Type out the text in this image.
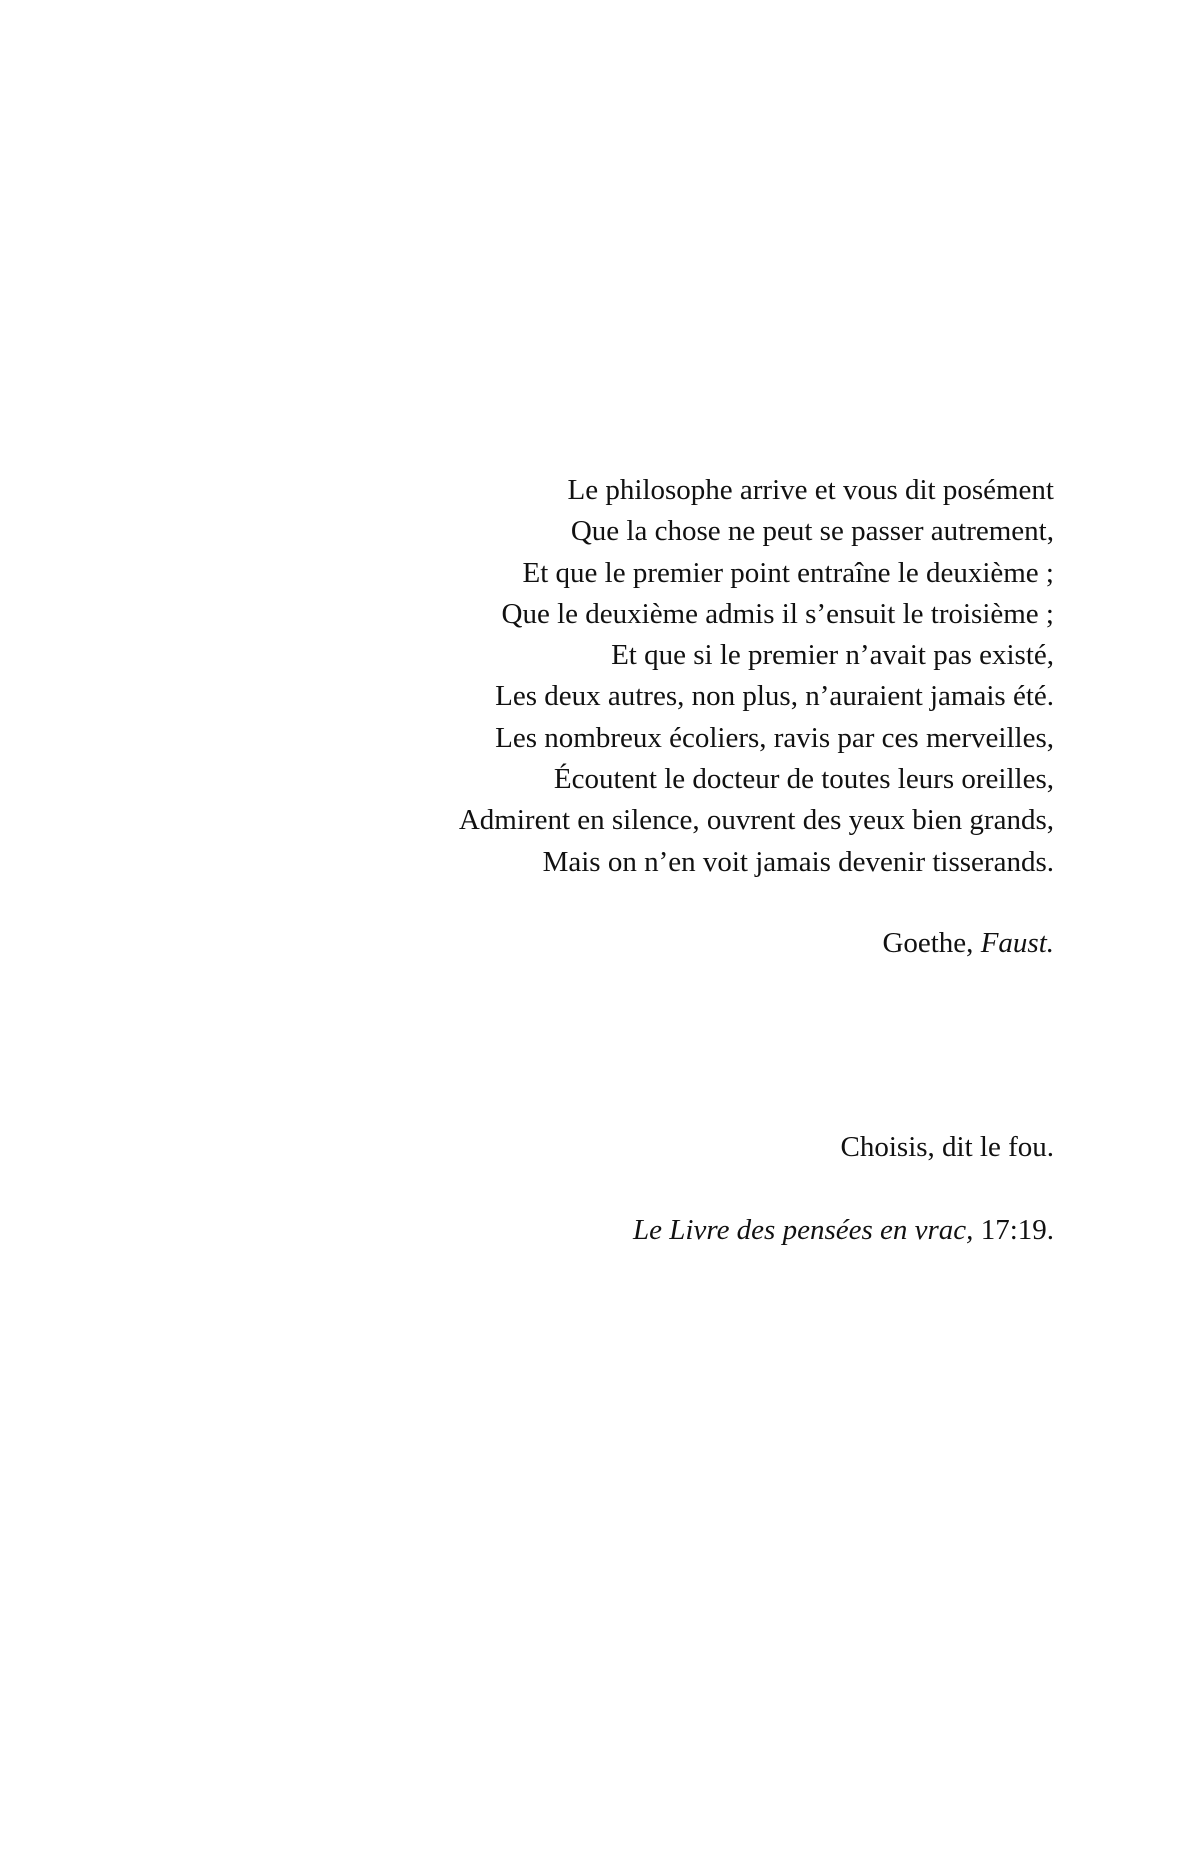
Le philosophe arrive et vous dit posément
Que la chose ne peut se passer autrement,
Et que le premier point entraîne le deuxième ;
Que le deuxième admis il s’ensuit le troisième ;
Et que si le premier n’avait pas existé,
Les deux autres, non plus, n’auraient jamais été.
Les nombreux écoliers, ravis par ces merveilles,
Écoutent le docteur de toutes leurs oreilles,
Admirent en silence, ouvrent des yeux bien grands,
Mais on n’en voit jamais devenir tisserands.
Goethe, Faust.
Choisis, dit le fou.
Le Livre des pensées en vrac, 17:19.
